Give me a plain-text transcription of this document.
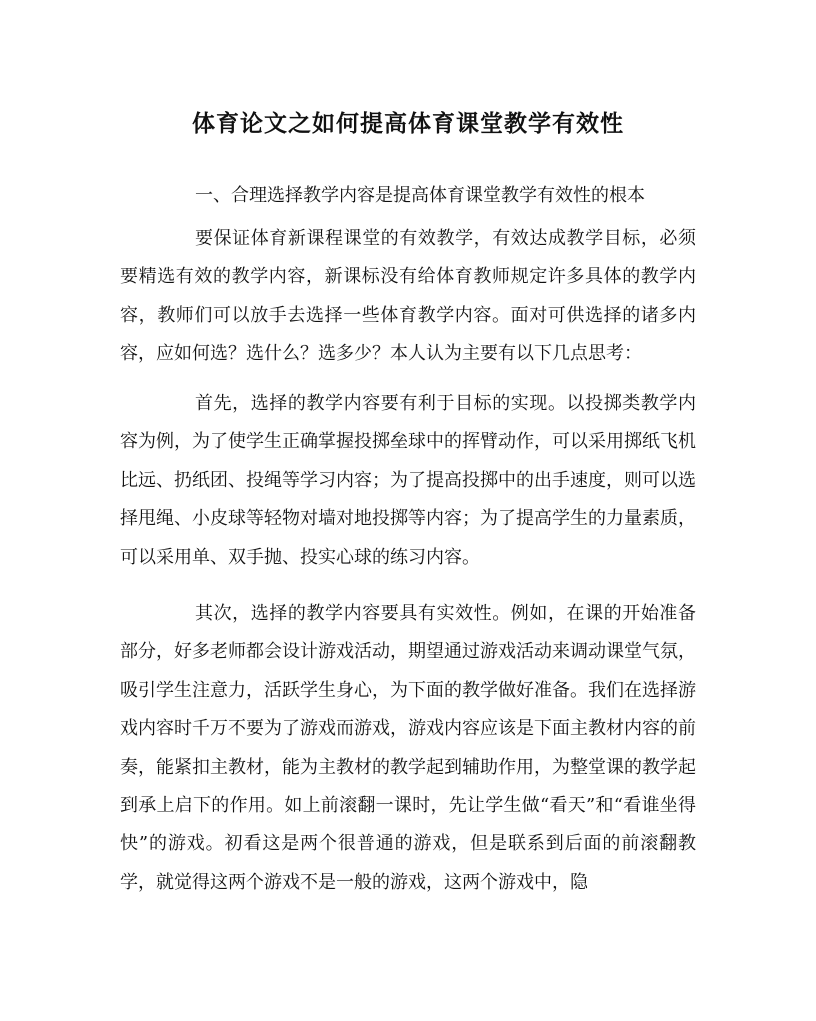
体育论文之如何提高体育课堂教学有效性
一、合理选择教学内容是提高体育课堂教学有效性的根本
要保证体育新课程课堂的有效教学，有效达成教学目标，必须要精选有效的教学内容，新课标没有给体育教师规定许多具体的教学内容，教师们可以放手去选择一些体育教学内容。面对可供选择的诸多内容，应如何选？选什么？选多少？本人认为主要有以下几点思考：
首先，选择的教学内容要有利于目标的实现。以投掷类教学内容为例，为了使学生正确掌握投掷垒球中的挥臂动作，可以采用掷纸飞机比远、扔纸团、投绳等学习内容；为了提高投掷中的出手速度，则可以选择甩绳、小皮球等轻物对墙对地投掷等内容；为了提高学生的力量素质，可以采用单、双手抛、投实心球的练习内容。
其次，选择的教学内容要具有实效性。例如，在课的开始准备部分，好多老师都会设计游戏活动，期望通过游戏活动来调动课堂气氛，吸引学生注意力，活跃学生身心，为下面的教学做好准备。我们在选择游戏内容时千万不要为了游戏而游戏，游戏内容应该是下面主教材内容的前奏，能紧扣主教材，能为主教材的教学起到辅助作用，为整堂课的教学起到承上启下的作用。如上前滚翻一课时，先让学生做“看天”和“看谁坐得快”的游戏。初看这是两个很普通的游戏，但是联系到后面的前滚翻教学，就觉得这两个游戏不是一般的游戏，这两个游戏中，隐
